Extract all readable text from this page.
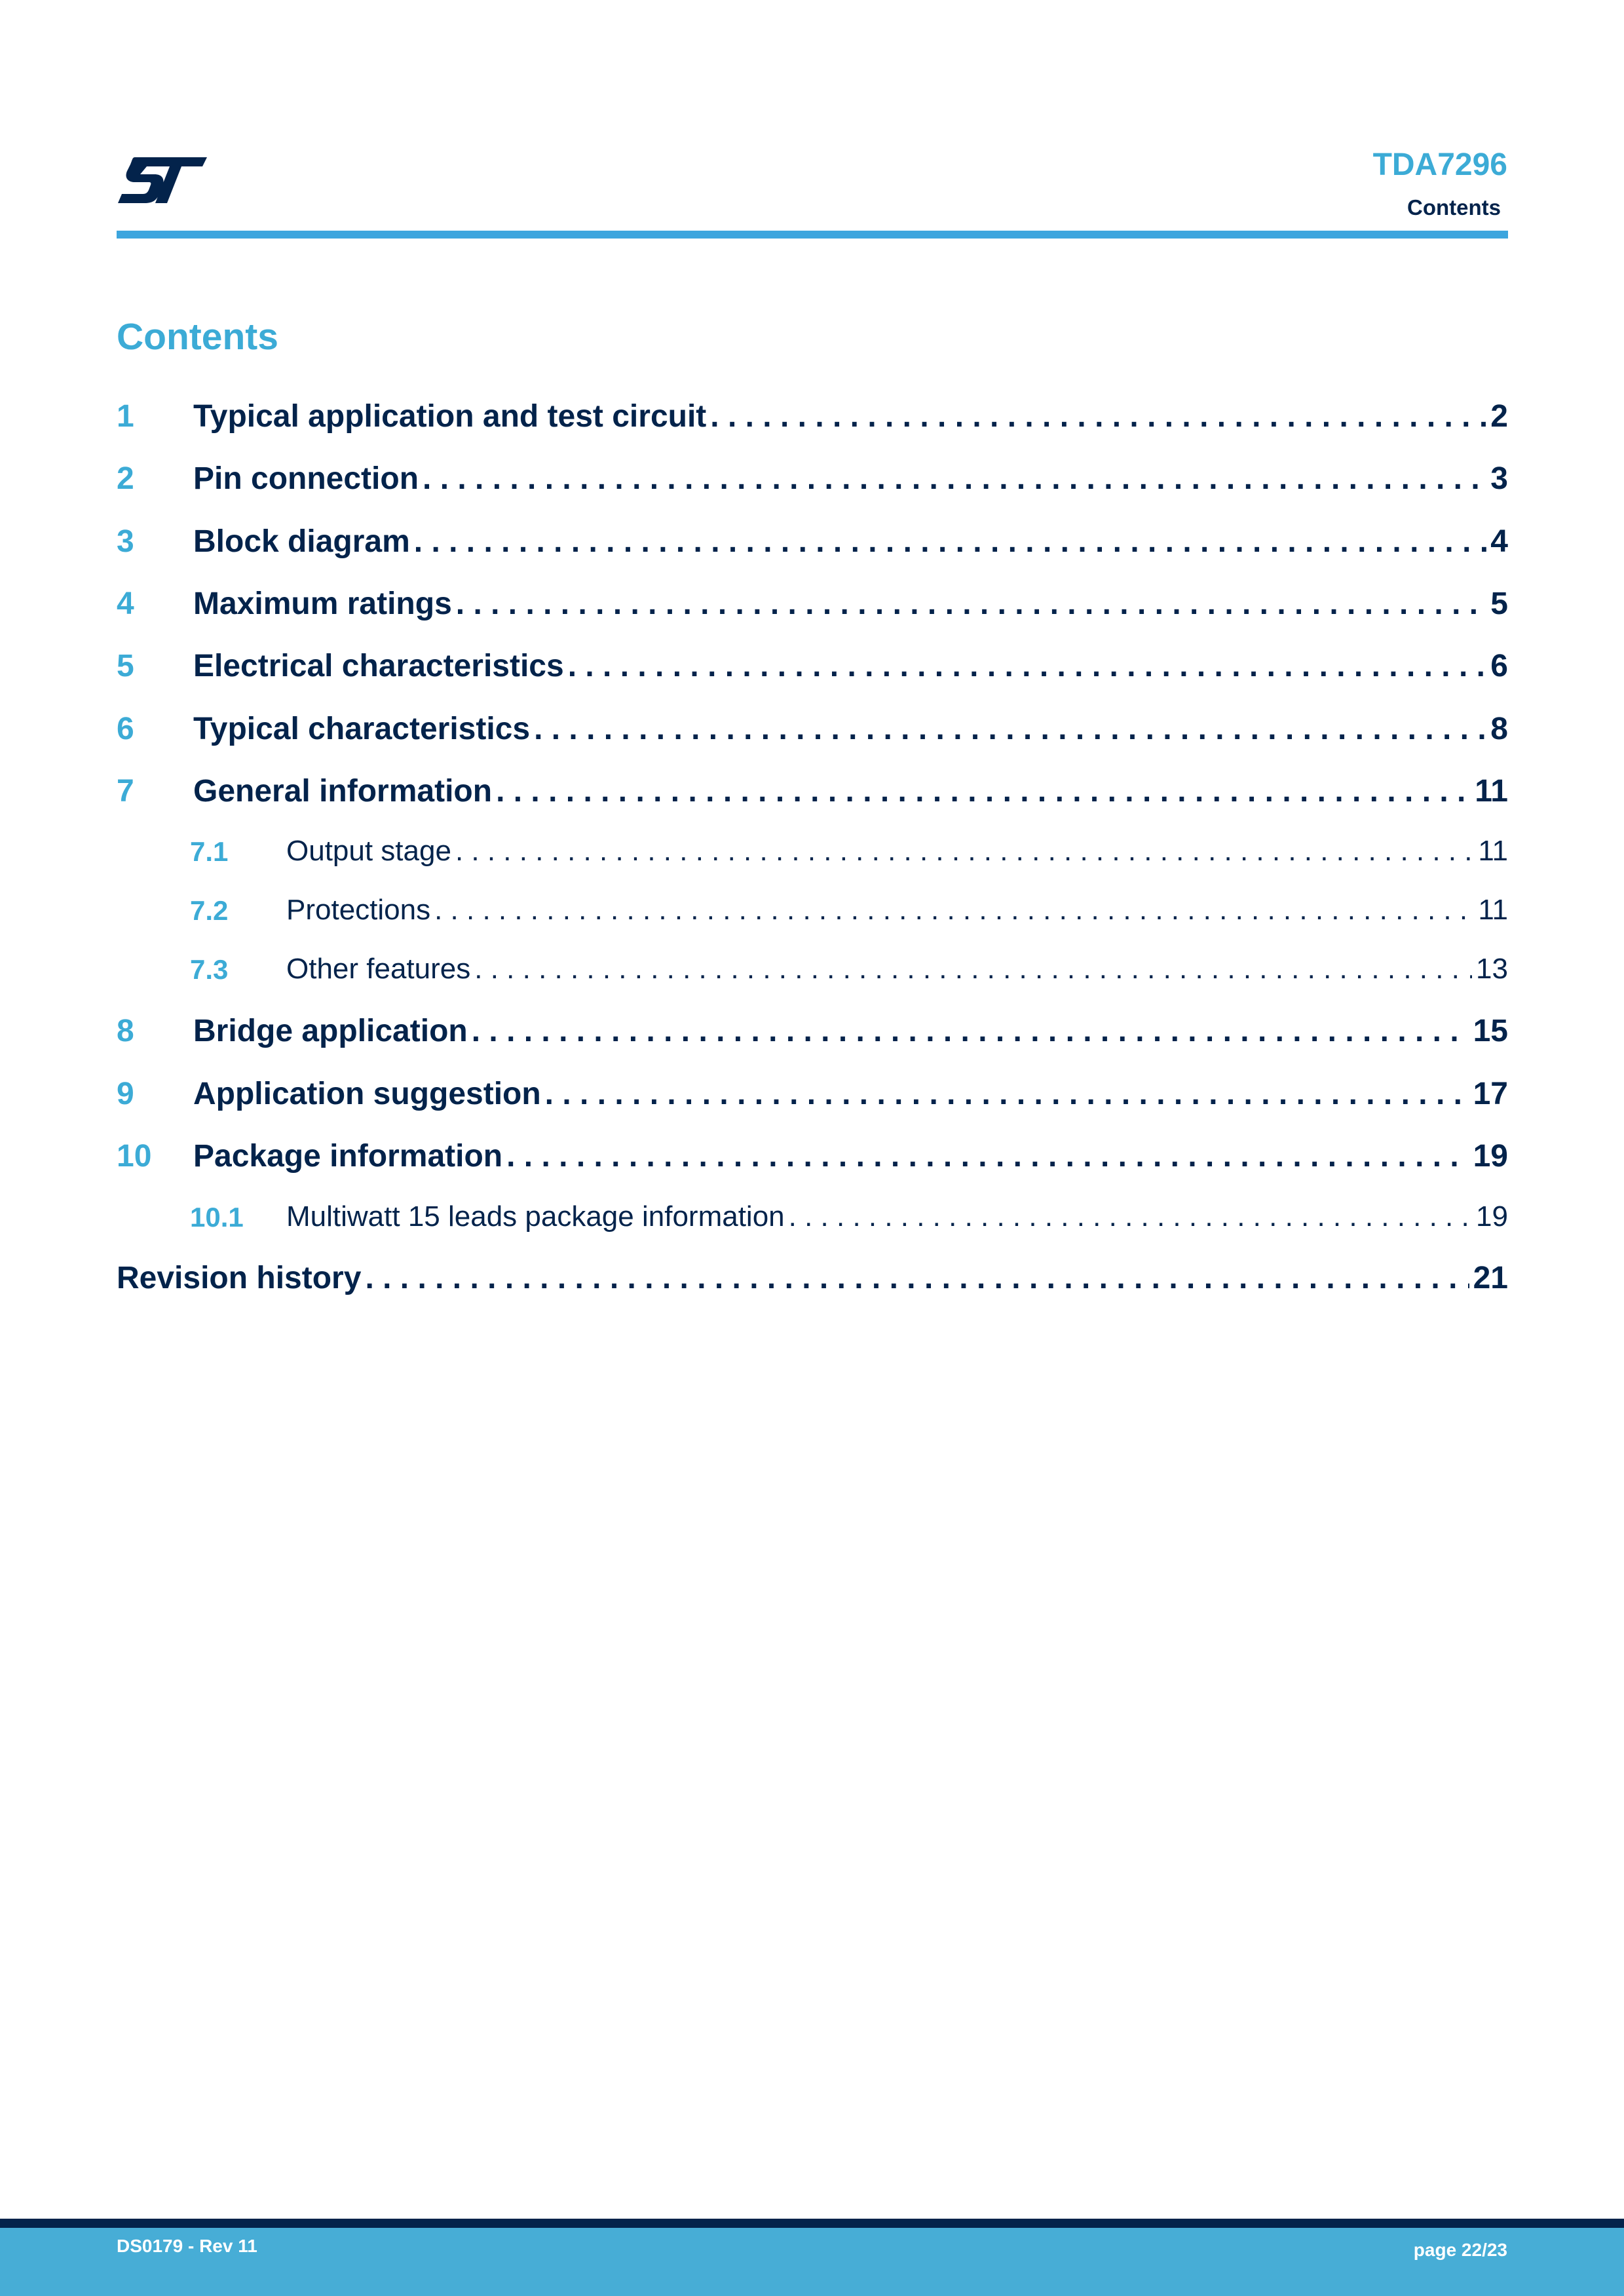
TDA7296
Contents
Contents
1 Typical application and test circuit . . .	2
2 Pin connection . . .	3
3 Block diagram . . .	4
4 Maximum ratings . . .	5
5 Electrical characteristics . . .	6
6 Typical characteristics . . .	8
7 General information . . .	11
7.1 Output stage . . .	11
7.2 Protections . . .	11
7.3 Other features . . .	13
8 Bridge application . . .	15
9 Application suggestion . . .	17
10 Package information . . .	19
10.1 Multiwatt 15 leads package information . . .	19
Revision history . . .	21
DS0179 - Rev 11	page 22/23
